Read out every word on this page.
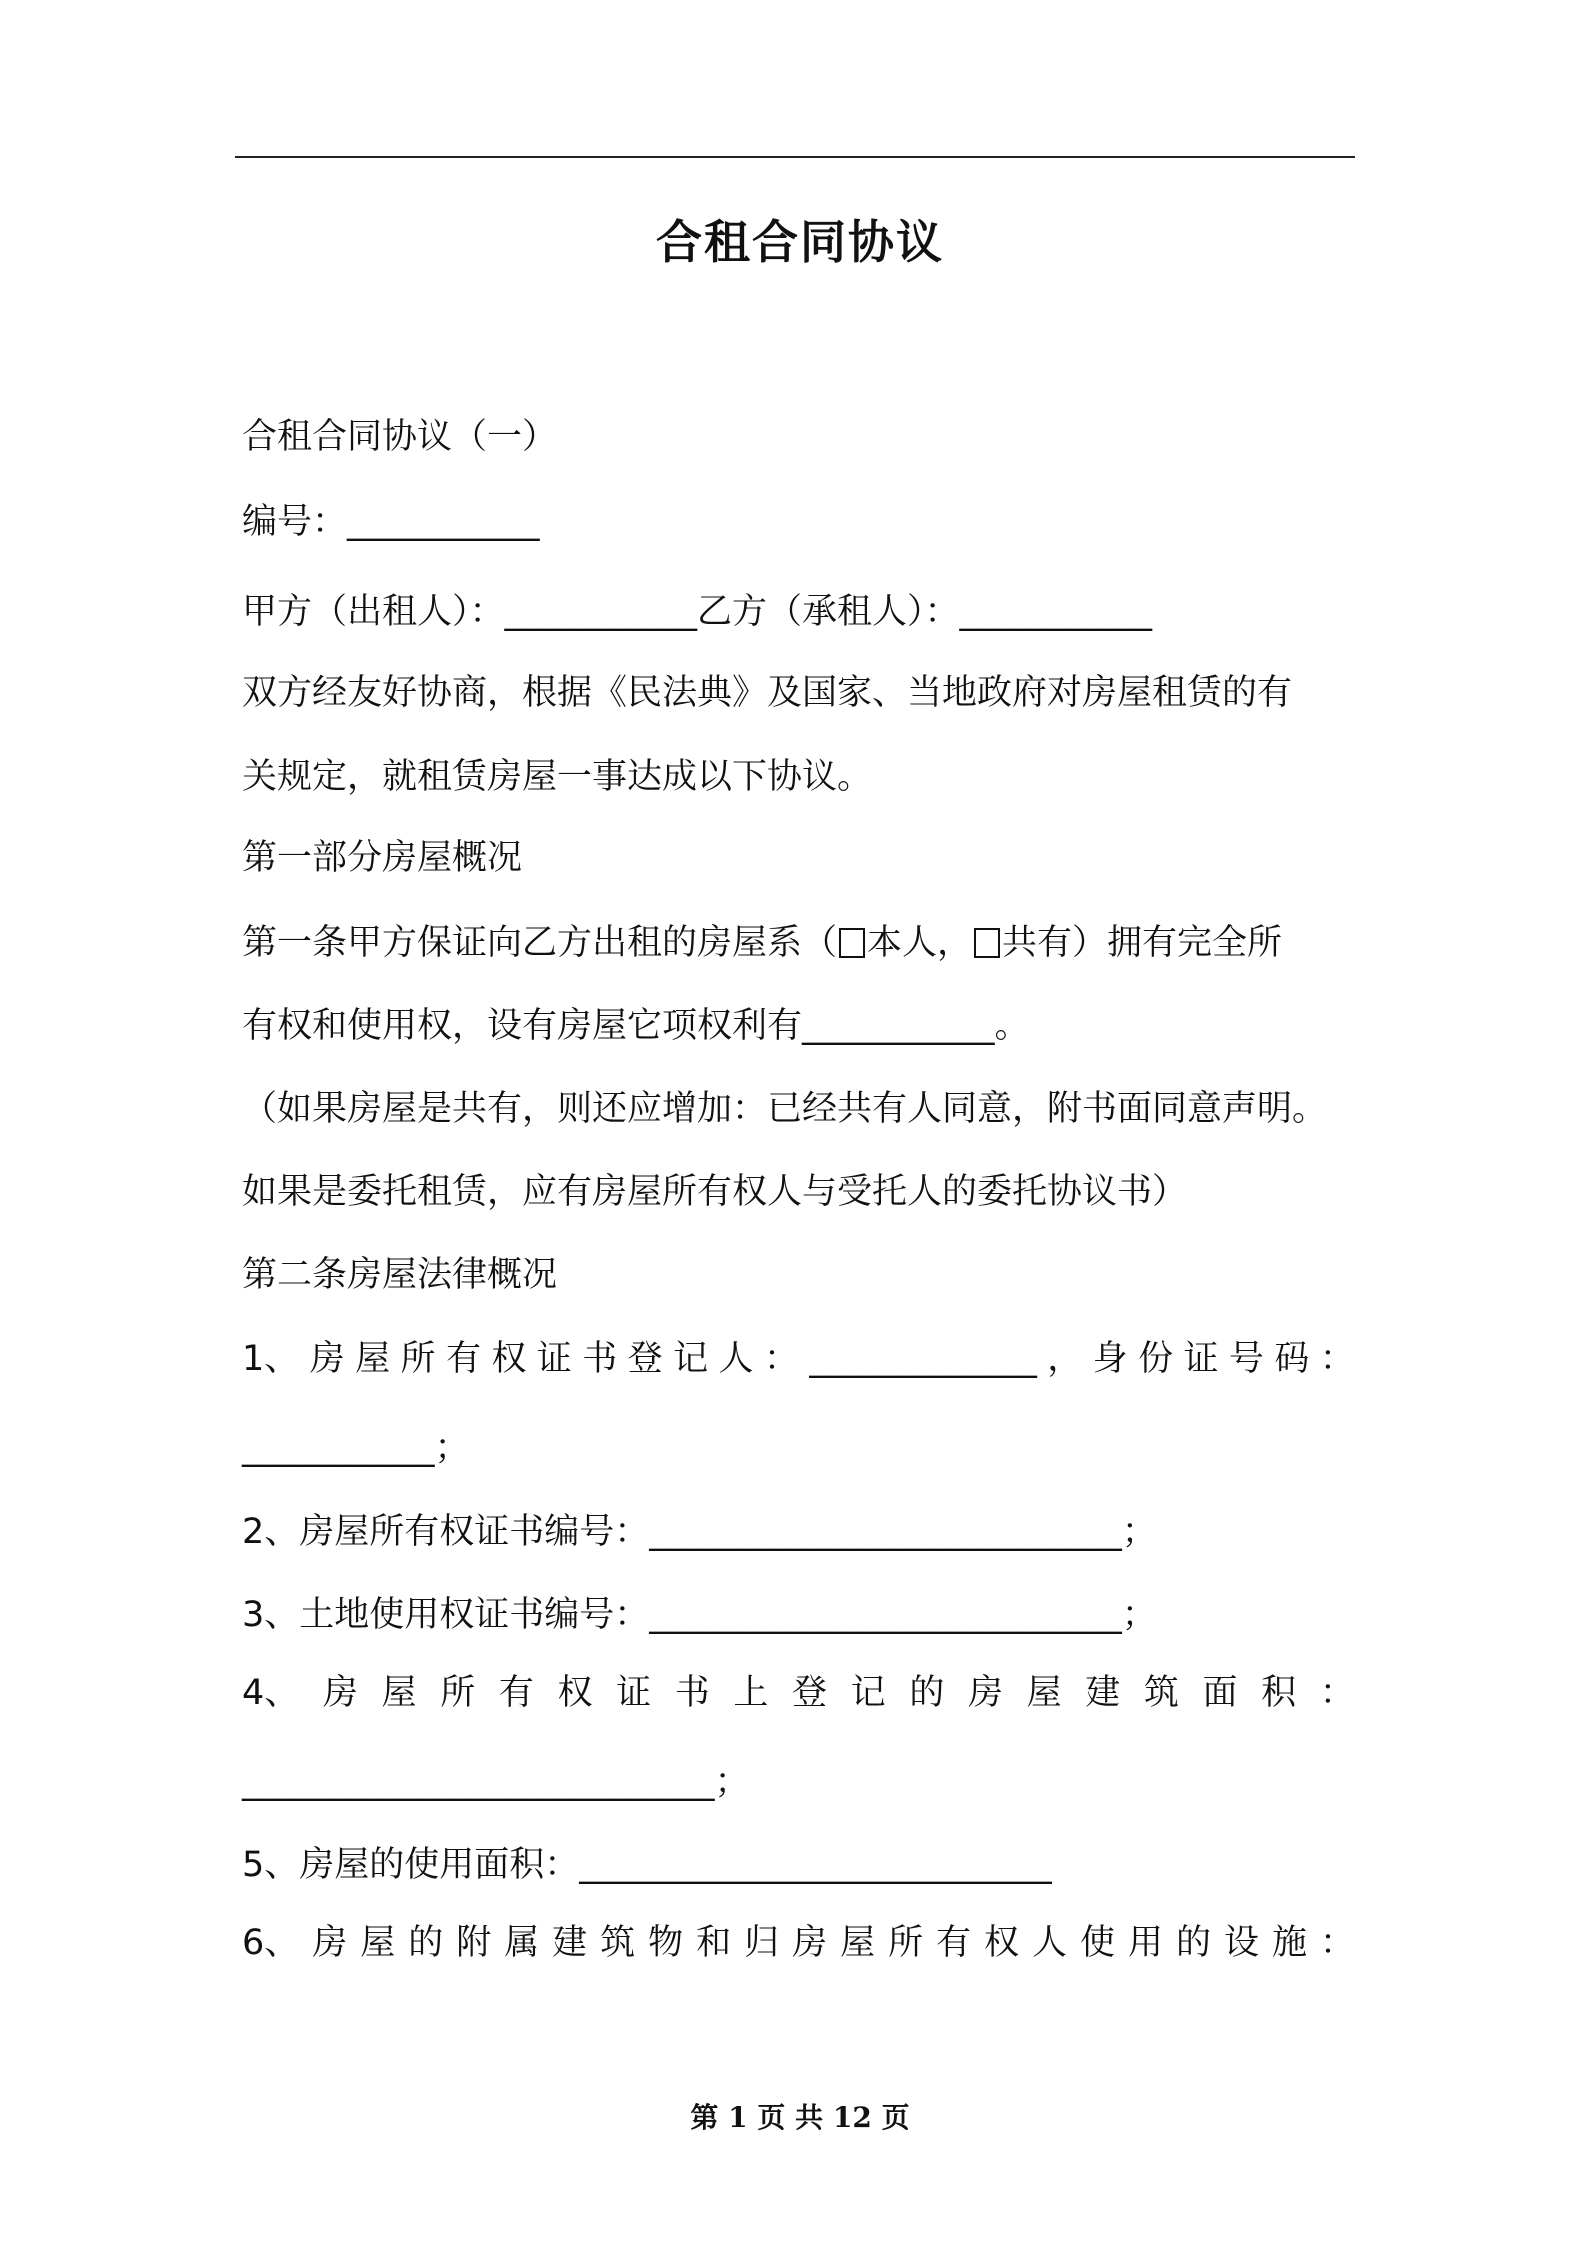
合租合同协议
合租合同协议（一）
编号：___________
甲方（出租人）：___________乙方（承租人）：___________
双方经友好协商，根据《民法典》及国家、当地政府对房屋租赁的有
关规定，就租赁房屋一事达成以下协议。
第一部分房屋概况
第一条甲方保证向乙方出租的房屋系（ 本人， 共有）拥有完全所
有权和使用权，设有房屋它项权利有___________。
（如果房屋是共有，则还应增加：已经共有人同意，附书面同意声明。
如果是委托租赁，应有房屋所有权人与受托人的委托协议书）
第二条房屋法律概况
1、 房 屋 所 有 权 证 书 登 记 人 ： _____________ ， 身 份 证 号 码 ：
___________；
2、房屋所有权证书编号：___________________________；
3、土地使用权证书编号：___________________________；
4、 房 屋 所 有 权 证 书 上 登 记 的 房 屋 建 筑 面 积 ：
___________________________；
5、房屋的使用面积：___________________________
6、 房 屋 的 附 属 建 筑 物 和 归 房 屋 所 有 权 人 使 用 的 设 施 ：
第 1 页 共 12 页
